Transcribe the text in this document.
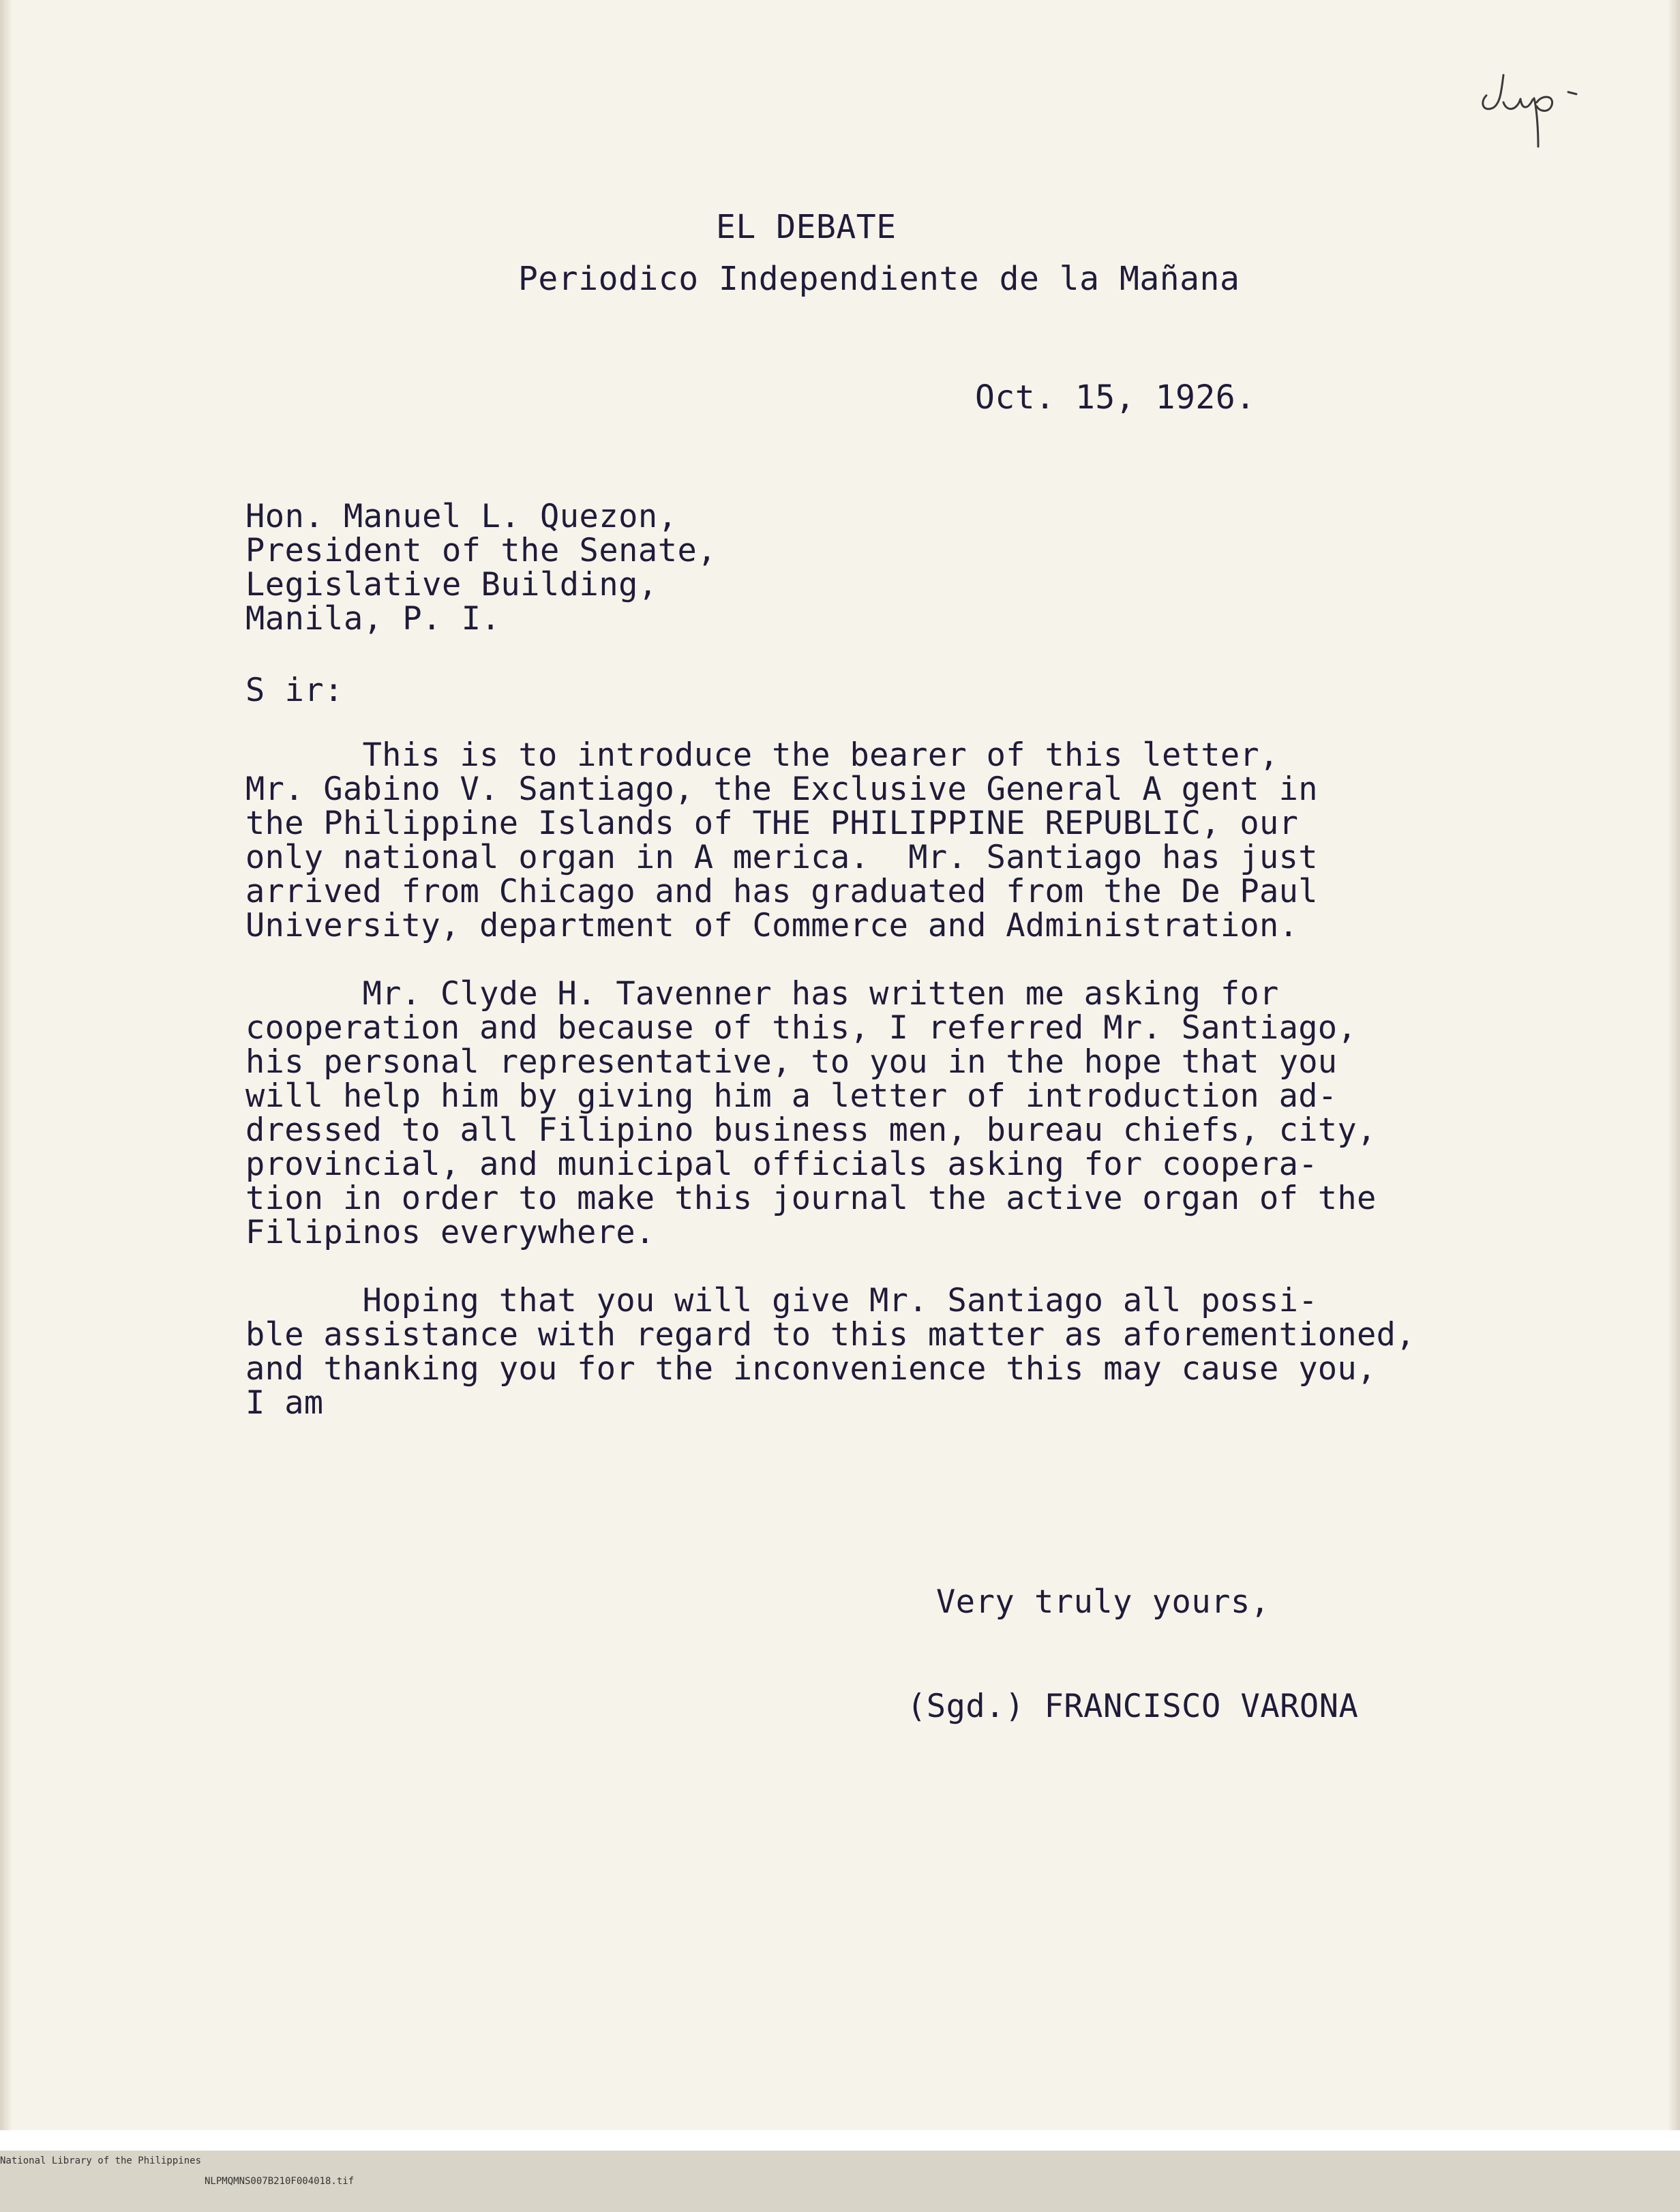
EL DEBATE
Periodico Independiente de la Mañana
Oct. 15, 1926.
Hon. Manuel L. Quezon,
President of the Senate,
Legislative Building,
Manila, P. I.
S ir:
This is to introduce the bearer of this letter,
Mr. Gabino V. Santiago, the Exclusive General A gent in
the Philippine Islands of THE PHILIPPINE REPUBLIC, our
only national organ in A merica.  Mr. Santiago has just
arrived from Chicago and has graduated from the De Paul
University, department of Commerce and Administration.
Mr. Clyde H. Tavenner has written me asking for
cooperation and because of this, I referred Mr. Santiago,
his personal representative, to you in the hope that you
will help him by giving him a letter of introduction ad-
dressed to all Filipino business men, bureau chiefs, city,
provincial, and municipal officials asking for coopera-
tion in order to make this journal the active organ of the
Filipinos everywhere.
Hoping that you will give Mr. Santiago all possi-
ble assistance with regard to this matter as aforementioned,
and thanking you for the inconvenience this may cause you,
I am
Very truly yours,
(Sgd.) FRANCISCO VARONA

National Library of the Philippines

NLPMQMNS007B210F004018.tif
